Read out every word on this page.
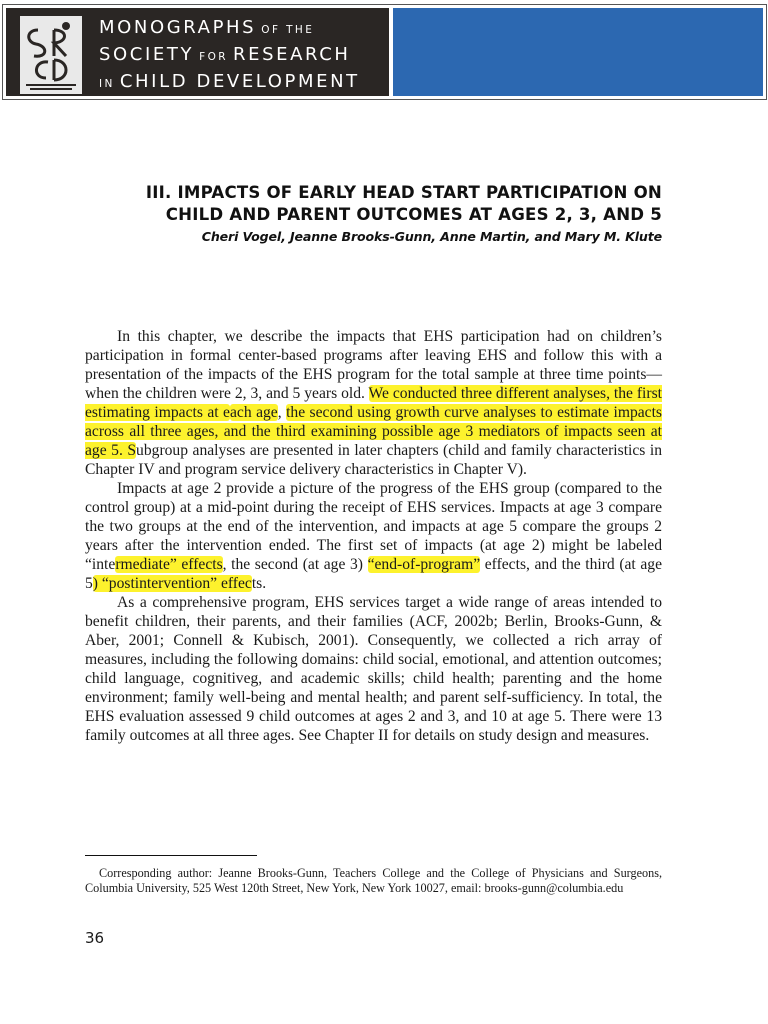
MONOGRAPHS OF THE
SOCIETY FOR RESEARCH
IN CHILD DEVELOPMENT
III. IMPACTS OF EARLY HEAD START PARTICIPATION ON
CHILD AND PARENT OUTCOMES AT AGES 2, 3, AND 5
Cheri Vogel, Jeanne Brooks-Gunn, Anne Martin, and Mary M. Klute

In this chapter, we describe the impacts that EHS participation had on children’s participation in formal center-based programs after leaving EHS and follow this with a presentation of the impacts of the EHS program for the total sample at three time points—when the children were 2, 3, and 5 years old. We conducted three different analyses, the first estimating impacts at each age, the second using growth curve analyses to estimate impacts across all three ages, and the third examining possible age 3 mediators of impacts seen at age 5. Subgroup analyses are presented in later chapters (child and family characteristics in Chapter IV and program service delivery characteristics in Chapter V).

Impacts at age 2 provide a picture of the progress of the EHS group (compared to the control group) at a mid-point during the receipt of EHS services. Impacts at age 3 compare the two groups at the end of the intervention, and impacts at age 5 compare the groups 2 years after the intervention ended. The first set of impacts (at age 2) might be labeled “intermediate” effects, the second (at age 3) “end-of-program” effects, and the third (at age 5) “postintervention” effects.

As a comprehensive program, EHS services target a wide range of areas intended to benefit children, their parents, and their families (ACF, 2002b; Berlin, Brooks-Gunn, & Aber, 2001; Connell & Kubisch, 2001). Consequently, we collected a rich array of measures, including the following domains: child social, emotional, and attention outcomes; child language, cognitiveg, and academic skills; child health; parenting and the home environment; family well-being and mental health; and parent self-sufficiency. In total, the EHS evaluation assessed 9 child outcomes at ages 2 and 3, and 10 at age 5. There were 13 family outcomes at all three ages. See Chapter II for details on study design and measures.

Corresponding author: Jeanne Brooks-Gunn, Teachers College and the College of Physicians and Surgeons, Columbia University, 525 West 120th Street, New York, New York 10027, email: brooks-gunn@columbia.edu
36
